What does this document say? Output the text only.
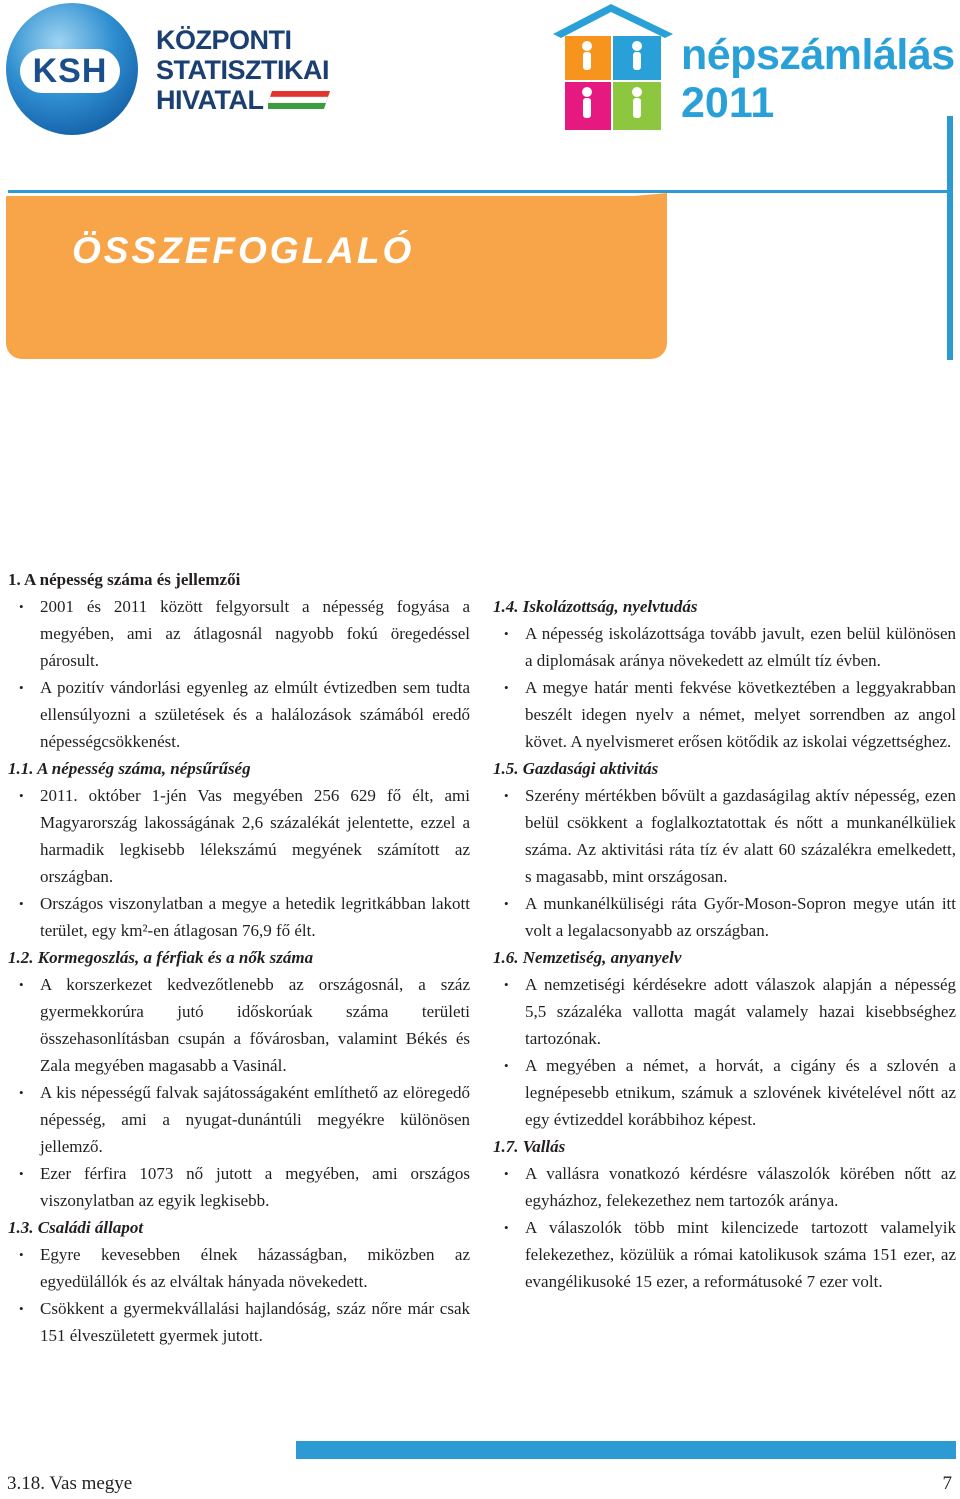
KSH
KÖZPONTI
STATISZTIKAI
HIVATAL
népszámlálás
2011
ÖSSZEFOGLALÓ
1. A népesség száma és jellemzői
• 2001 és 2011 között felgyorsult a népesség fogyása a megyében, ami az átlagosnál nagyobb fokú öregedéssel párosult.
• A pozitív vándorlási egyenleg az elmúlt évtizedben sem tudta ellensúlyozni a születések és a halálozások számából eredő népességcsökkenést.
1.1. A népesség száma, népsűrűség
• 2011. október 1-jén Vas megyében 256 629 fő élt, ami Magyarország lakosságának 2,6 százalékát jelentette, ezzel a harmadik legkisebb lélekszámú megyének számított az országban.
• Országos viszonylatban a megye a hetedik legritkábban lakott terület, egy km²-en átlagosan 76,9 fő élt.
1.2. Kormegoszlás, a férfiak és a nők száma
• A korszerkezet kedvezőtlenebb az országosnál, a száz gyermekkorúra jutó időskorúak száma területi összehasonlításban csupán a fővárosban, valamint Békés és Zala megyében magasabb a Vasinál.
• A kis népességű falvak sajátosságaként említhető az elöregedő népesség, ami a nyugat-dunántúli megyékre különösen jellemző.
• Ezer férfira 1073 nő jutott a megyében, ami országos viszonylatban az egyik legkisebb.
1.3. Családi állapot
• Egyre kevesebben élnek házasságban, miközben az egyedülállók és az elváltak hányada növekedett.
• Csökkent a gyermekvállalási hajlandóság, száz nőre már csak 151 élveszületett gyermek jutott.
1.4. Iskolázottság, nyelvtudás
• A népesség iskolázottsága tovább javult, ezen belül különösen a diplomásak aránya növekedett az elmúlt tíz évben.
• A megye határ menti fekvése következtében a leggyakrabban beszélt idegen nyelv a német, melyet sorrendben az angol követ. A nyelvismeret erősen kötődik az iskolai végzettséghez.
1.5. Gazdasági aktivitás
• Szerény mértékben bővült a gazdaságilag aktív népesség, ezen belül csökkent a foglalkoztatottak és nőtt a munkanélküliek száma. Az aktivitási ráta tíz év alatt 60 százalékra emelkedett, s magasabb, mint országosan.
• A munkanélküliségi ráta Győr-Moson-Sopron megye után itt volt a legalacsonyabb az országban.
1.6. Nemzetiség, anyanyelv
• A nemzetiségi kérdésekre adott válaszok alapján a népesség 5,5 százaléka vallotta magát valamely hazai kisebbséghez tartozónak.
• A megyében a német, a horvát, a cigány és a szlovén a legnépesebb etnikum, számuk a szlovének kivételével nőtt az egy évtizeddel korábbihoz képest.
1.7. Vallás
• A vallásra vonatkozó kérdésre válaszolók körében nőtt az egyházhoz, felekezethez nem tartozók aránya.
• A válaszolók több mint kilencizede tartozott valamelyik felekezethez, közülük a római katolikusok száma 151 ezer, az evangélikusoké 15 ezer, a reformátusoké 7 ezer volt.
3.18. Vas megye	7
